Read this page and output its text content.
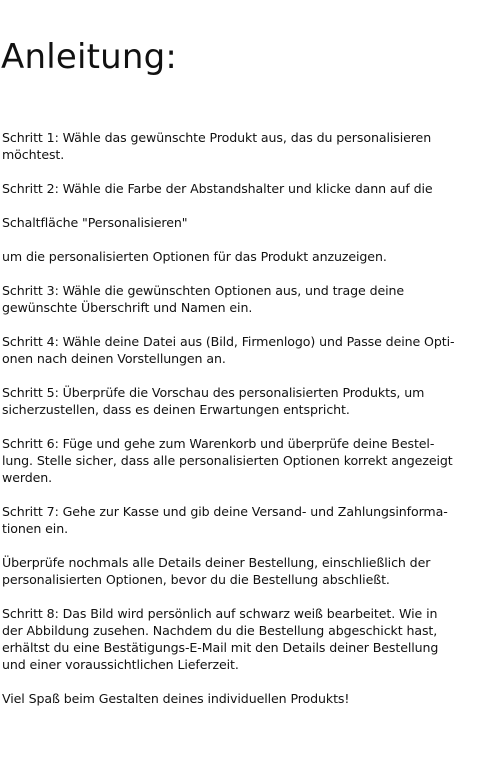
Anleitung:

Schritt 1: Wähle das gewünschte Produkt aus, das du personalisieren
möchtest.

Schritt 2: Wähle die Farbe der Abstandshalter und klicke dann auf die

Schaltfläche "Personalisieren"

um die personalisierten Optionen für das Produkt anzuzeigen.

Schritt 3: Wähle die gewünschten Optionen aus, und trage deine
gewünschte Überschrift und Namen ein.

Schritt 4: Wähle deine Datei aus (Bild, Firmenlogo) und Passe deine Opti-
onen nach deinen Vorstellungen an.

Schritt 5: Überprüfe die Vorschau des personalisierten Produkts, um
sicherzustellen, dass es deinen Erwartungen entspricht.

Schritt 6: Füge und gehe zum Warenkorb und überprüfe deine Bestel-
lung. Stelle sicher, dass alle personalisierten Optionen korrekt angezeigt
werden.

Schritt 7: Gehe zur Kasse und gib deine Versand- und Zahlungsinforma-
tionen ein.

Überprüfe nochmals alle Details deiner Bestellung, einschließlich der
personalisierten Optionen, bevor du die Bestellung abschließt.

Schritt 8: Das Bild wird persönlich auf schwarz weiß bearbeitet. Wie in
der Abbildung zusehen. Nachdem du die Bestellung abgeschickt hast,
erhältst du eine Bestätigungs-E-Mail mit den Details deiner Bestellung
und einer voraussichtlichen Lieferzeit.

Viel Spaß beim Gestalten deines individuellen Produkts!
